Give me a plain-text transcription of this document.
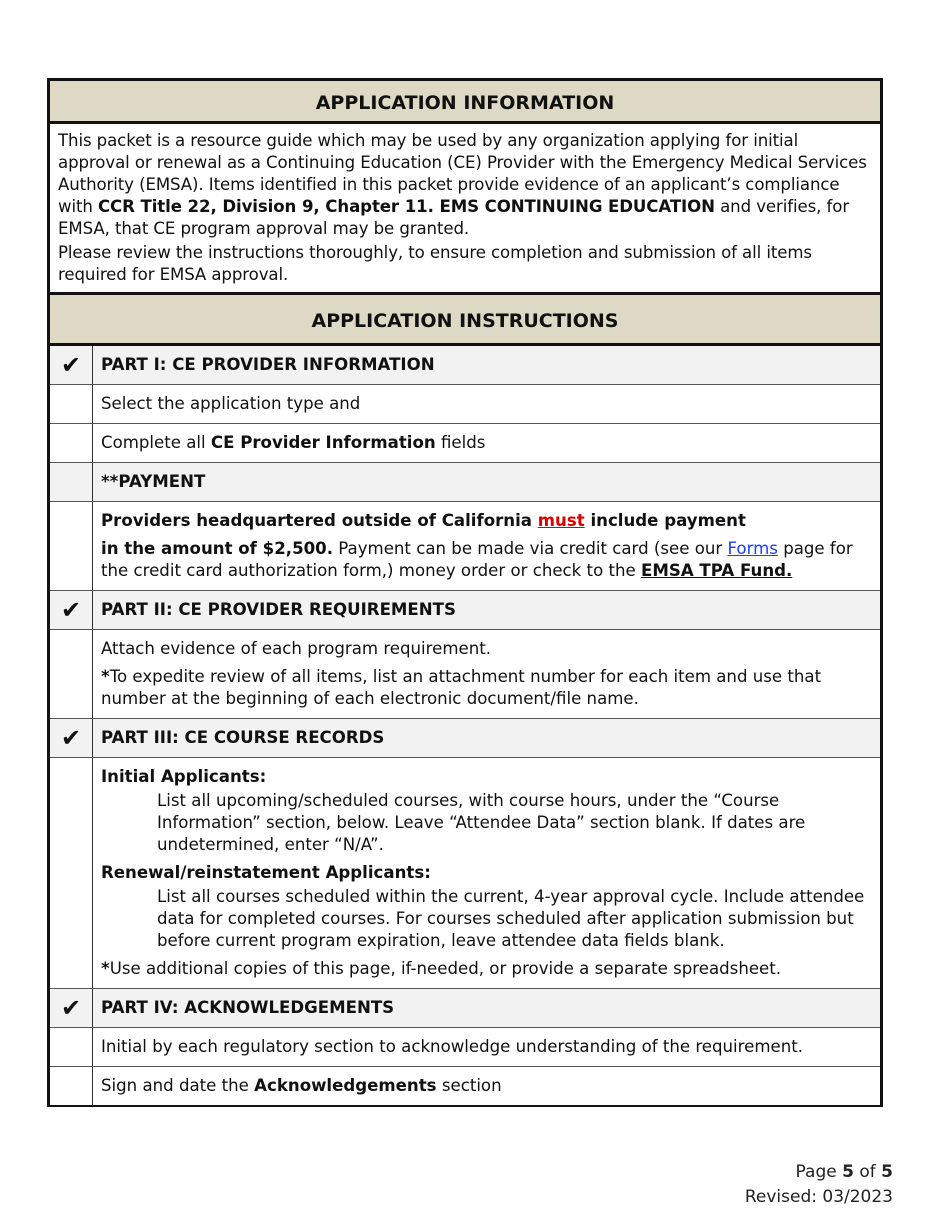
APPLICATION INFORMATION

This packet is a resource guide which may be used by any organization applying for initial approval or renewal as a Continuing Education (CE) Provider with the Emergency Medical Services Authority (EMSA). Items identified in this packet provide evidence of an applicant’s compliance with CCR Title 22, Division 9, Chapter 11. EMS CONTINUING EDUCATION and verifies, for EMSA, that CE program approval may be granted.

Please review the instructions thoroughly, to ensure completion and submission of all items required for EMSA approval.

APPLICATION INSTRUCTIONS
✔	PART I: CE PROVIDER INFORMATION
Select the application type and
Complete all CE Provider Information fields
**PAYMENT

Providers headquartered outside of California must include payment

in the amount of $2,500. Payment can be made via credit card (see our Forms page for the credit card authorization form,) money order or check to the EMSA TPA Fund.

✔	PART II: CE PROVIDER REQUIREMENTS

Attach evidence of each program requirement.

*To expedite review of all items, list an attachment number for each item and use that number at the beginning of each electronic document/file name.

✔	PART III: CE COURSE RECORDS

Initial Applicants:

List all upcoming/scheduled courses, with course hours, under the “Course Information” section, below. Leave “Attendee Data” section blank. If dates are undetermined, enter “N/A”.

Renewal/reinstatement Applicants:

List all courses scheduled within the current, 4-year approval cycle. Include attendee data for completed courses. For courses scheduled after application submission but before current program expiration, leave attendee data fields blank.

*Use additional copies of this page, if-needed, or provide a separate spreadsheet.

✔	PART IV: ACKNOWLEDGEMENTS
Initial by each regulatory section to acknowledge understanding of the requirement.
Sign and date the Acknowledgements section
Page 5 of 5
Revised: 03/2023
